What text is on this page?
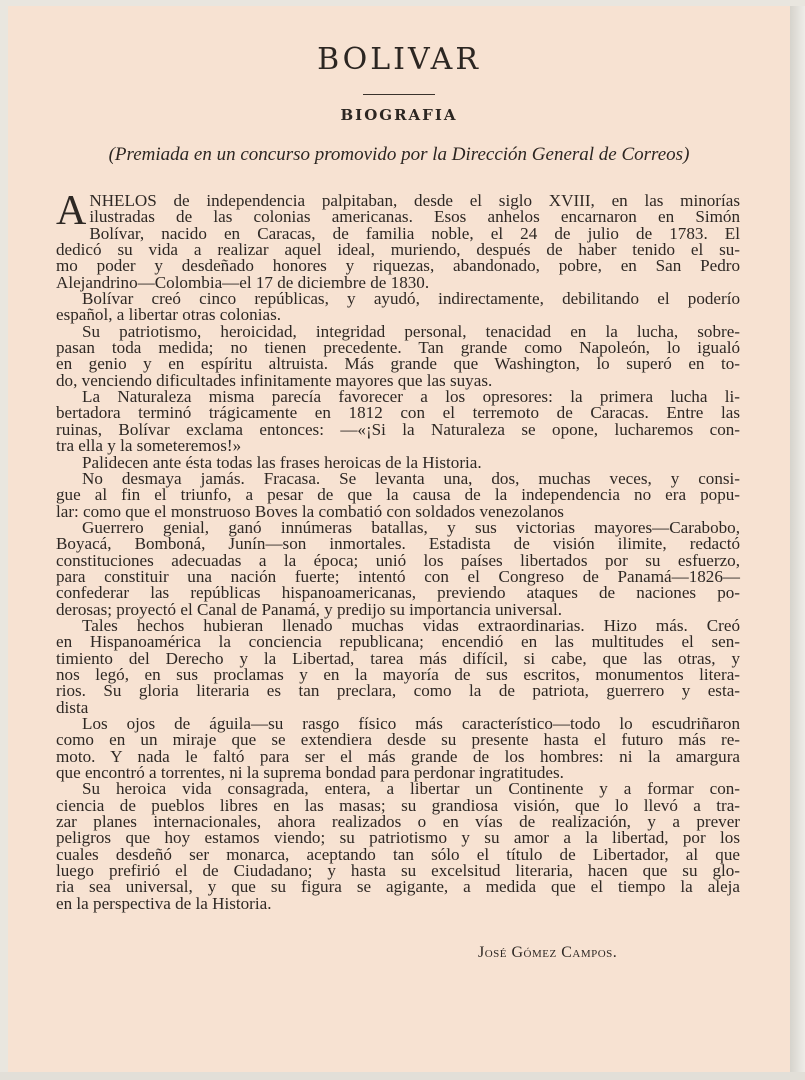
BOLIVAR
BIOGRAFIA
(Premiada en un concurso promovido por la Dirección General de Correos)
A NHELOS de independencia palpitaban, desde el siglo XVIII, en las minorías
ilustradas de las colonias americanas. Esos anhelos encarnaron en Simón
Bolívar, nacido en Caracas, de familia noble, el 24 de julio de 1783. El
dedicó su vida a realizar aquel ideal, muriendo, después de haber tenido el su-
mo poder y desdeñado honores y riquezas, abandonado, pobre, en San Pedro
Alejandrino—Colombia—el 17 de diciembre de 1830.
Bolívar creó cinco repúblicas, y ayudó, indirectamente, debilitando el poderío
español, a libertar otras colonias.
Su patriotismo, heroicidad, integridad personal, tenacidad en la lucha, sobre-
pasan toda medida; no tienen precedente. Tan grande como Napoleón, lo igualó
en genio y en espíritu altruista. Más grande que Washington, lo superó en to-
do, venciendo dificultades infinitamente mayores que las suyas.
La Naturaleza misma parecía favorecer a los opresores: la primera lucha li-
bertadora terminó trágicamente en 1812 con el terremoto de Caracas. Entre las
ruinas, Bolívar exclama entonces: —«¡Si la Naturaleza se opone, lucharemos con-
tra ella y la someteremos!»
Palidecen ante ésta todas las frases heroicas de la Historia.
No desmaya jamás. Fracasa. Se levanta una, dos, muchas veces, y consi-
gue al fin el triunfo, a pesar de que la causa de la independencia no era popu-
lar: como que el monstruoso Boves la combatió con soldados venezolanos
Guerrero genial, ganó innúmeras batallas, y sus victorias mayores—Carabobo,
Boyacá, Bomboná, Junín—son inmortales. Estadista de visión ilimite, redactó
constituciones adecuadas a la época; unió los países libertados por su esfuerzo,
para constituir una nación fuerte; intentó con el Congreso de Panamá—1826—
confederar las repúblicas hispanoamericanas, previendo ataques de naciones po-
derosas; proyectó el Canal de Panamá, y predijo su importancia universal.
Tales hechos hubieran llenado muchas vidas extraordinarias. Hizo más. Creó
en Hispanoamérica la conciencia republicana; encendió en las multitudes el sen-
timiento del Derecho y la Libertad, tarea más difícil, si cabe, que las otras, y
nos legó, en sus proclamas y en la mayoría de sus escritos, monumentos litera-
rios. Su gloria literaria es tan preclara, como la de patriota, guerrero y esta-
dista
Los ojos de águila—su rasgo físico más característico—todo lo escudriñaron
como en un miraje que se extendiera desde su presente hasta el futuro más re-
moto. Y nada le faltó para ser el más grande de los hombres: ni la amargura
que encontró a torrentes, ni la suprema bondad para perdonar ingratitudes.
Su heroica vida consagrada, entera, a libertar un Continente y a formar con-
ciencia de pueblos libres en las masas; su grandiosa visión, que lo llevó a tra-
zar planes internacionales, ahora realizados o en vías de realización, y a prever
peligros que hoy estamos viendo; su patriotismo y su amor a la libertad, por los
cuales desdeñó ser monarca, aceptando tan sólo el título de Libertador, al que
luego prefirió el de Ciudadano; y hasta su excelsitud literaria, hacen que su glo-
ria sea universal, y que su figura se agigante, a medida que el tiempo la aleja
en la perspectiva de la Historia.
José Gómez Campos.
